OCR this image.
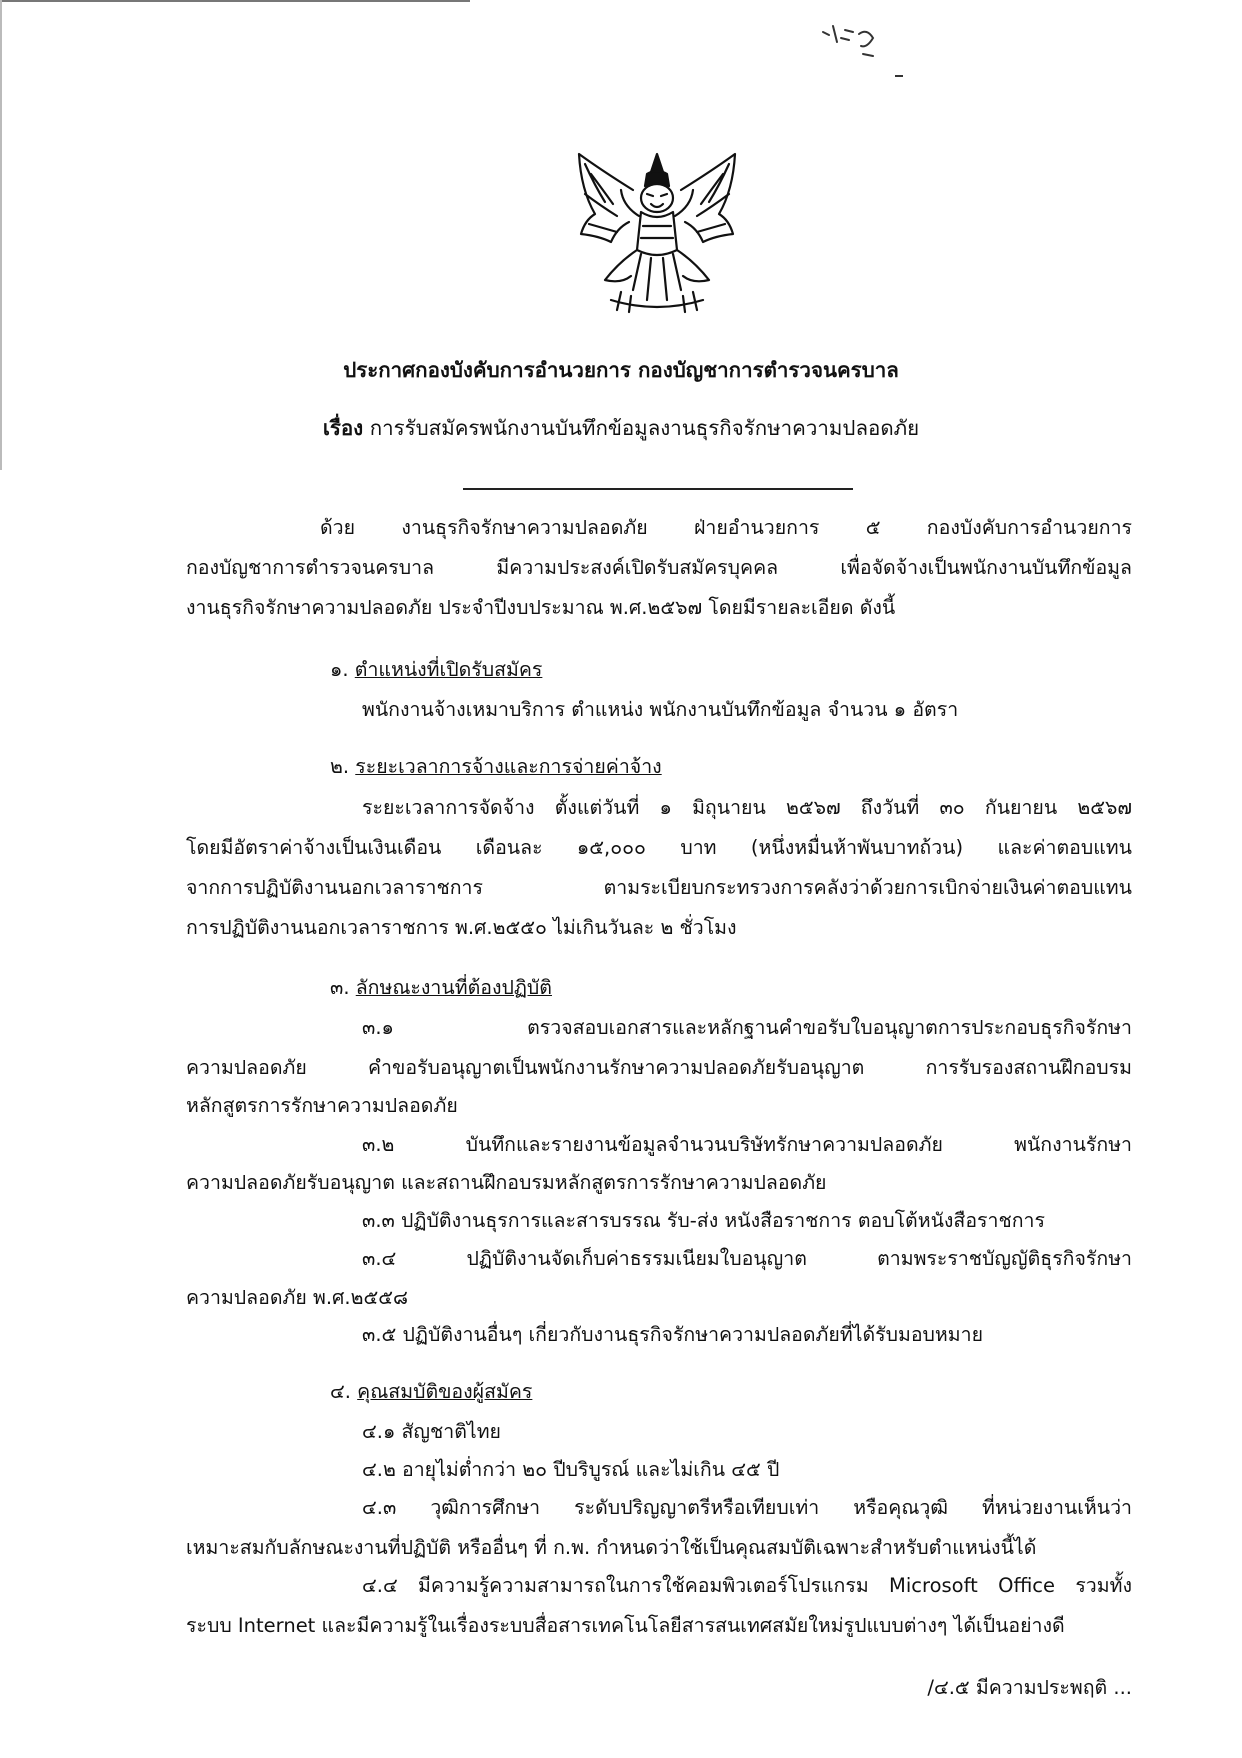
ประกาศกองบังคับการอำนวยการ กองบัญชาการตำรวจนครบาล
เรื่อง การรับสมัครพนักงานบันทึกข้อมูลงานธุรกิจรักษาความปลอดภัย
ด้วย งานธุรกิจรักษาความปลอดภัย ฝ่ายอำนวยการ ๕ กองบังคับการอำนวยการ
กองบัญชาการตำรวจนครบาล มีความประสงค์เปิดรับสมัครบุคคล เพื่อจัดจ้างเป็นพนักงานบันทึกข้อมูล
งานธุรกิจรักษาความปลอดภัย ประจำปีงบประมาณ พ.ศ.๒๕๖๗ โดยมีรายละเอียด ดังนี้
๑. ตำแหน่งที่เปิดรับสมัคร
พนักงานจ้างเหมาบริการ ตำแหน่ง พนักงานบันทึกข้อมูล จำนวน ๑ อัตรา
๒. ระยะเวลาการจ้างและการจ่ายค่าจ้าง
ระยะเวลาการจัดจ้าง ตั้งแต่วันที่ ๑ มิถุนายน ๒๕๖๗ ถึงวันที่ ๓๐ กันยายน ๒๕๖๗
โดยมีอัตราค่าจ้างเป็นเงินเดือน เดือนละ ๑๕,๐๐๐ บาท (หนึ่งหมื่นห้าพันบาทถ้วน) และค่าตอบแทน
จากการปฏิบัติงานนอกเวลาราชการ ตามระเบียบกระทรวงการคลังว่าด้วยการเบิกจ่ายเงินค่าตอบแทน
การปฏิบัติงานนอกเวลาราชการ พ.ศ.๒๕๕๐ ไม่เกินวันละ ๒ ชั่วโมง
๓. ลักษณะงานที่ต้องปฏิบัติ
๓.๑ ตรวจสอบเอกสารและหลักฐานคำขอรับใบอนุญาตการประกอบธุรกิจรักษา
ความปลอดภัย คำขอรับอนุญาตเป็นพนักงานรักษาความปลอดภัยรับอนุญาต การรับรองสถานฝึกอบรม
หลักสูตรการรักษาความปลอดภัย
๓.๒ บันทึกและรายงานข้อมูลจำนวนบริษัทรักษาความปลอดภัย พนักงานรักษา
ความปลอดภัยรับอนุญาต และสถานฝึกอบรมหลักสูตรการรักษาความปลอดภัย
๓.๓ ปฏิบัติงานธุรการและสารบรรณ รับ-ส่ง หนังสือราชการ ตอบโต้หนังสือราชการ
๓.๔ ปฏิบัติงานจัดเก็บค่าธรรมเนียมใบอนุญาต ตามพระราชบัญญัติธุรกิจรักษา
ความปลอดภัย พ.ศ.๒๕๕๘
๓.๕ ปฏิบัติงานอื่นๆ เกี่ยวกับงานธุรกิจรักษาความปลอดภัยที่ได้รับมอบหมาย
๔. คุณสมบัติของผู้สมัคร
๔.๑ สัญชาติไทย
๔.๒ อายุไม่ต่ำกว่า ๒๐ ปีบริบูรณ์ และไม่เกิน ๔๕ ปี
๔.๓ วุฒิการศึกษา ระดับปริญญาตรีหรือเทียบเท่า หรือคุณวุฒิ ที่หน่วยงานเห็นว่า
เหมาะสมกับลักษณะงานที่ปฏิบัติ หรืออื่นๆ ที่ ก.พ. กำหนดว่าใช้เป็นคุณสมบัติเฉพาะสำหรับตำแหน่งนี้ได้
๔.๔ มีความรู้ความสามารถในการใช้คอมพิวเตอร์โปรแกรม Microsoft Office รวมทั้ง
ระบบ Internet และมีความรู้ในเรื่องระบบสื่อสารเทคโนโลยีสารสนเทศสมัยใหม่รูปแบบต่างๆ ได้เป็นอย่างดี
/๔.๕ มีความประพฤติ ...
